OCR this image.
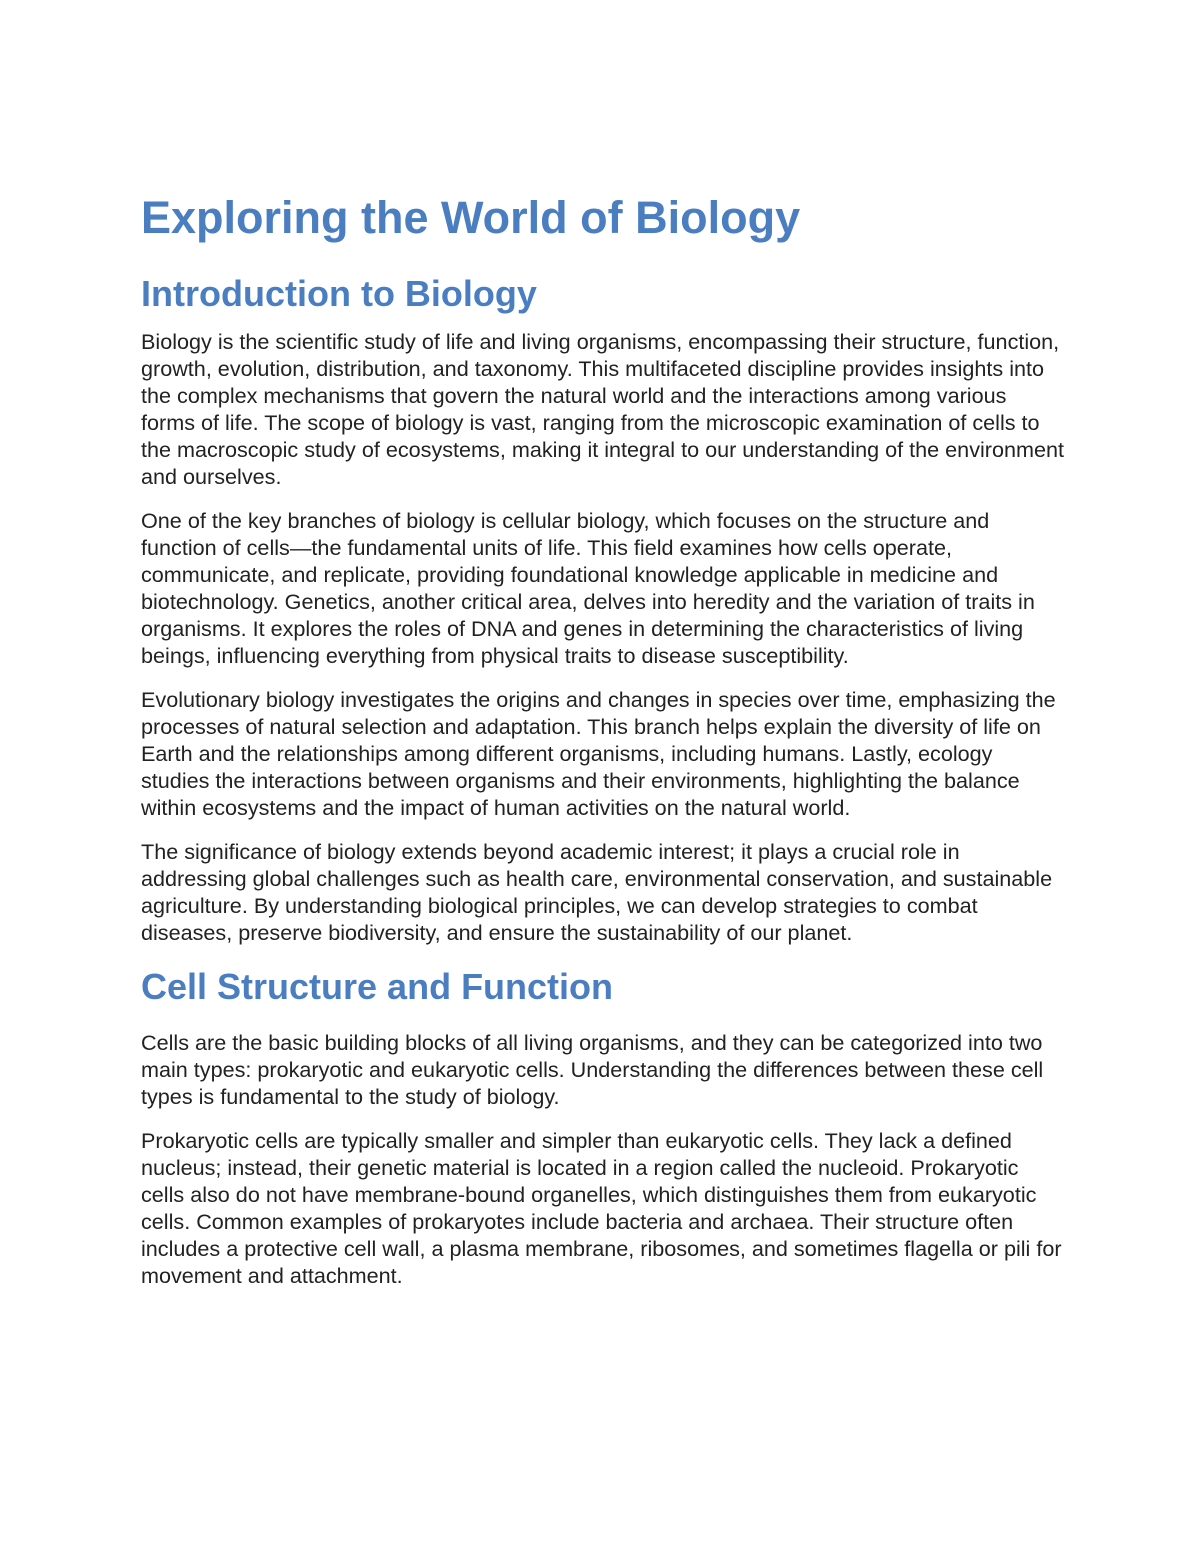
Exploring the World of Biology
Introduction to Biology

Biology is the scientific study of life and living organisms, encompassing their structure, function, growth, evolution, distribution, and taxonomy. This multifaceted discipline provides insights into the complex mechanisms that govern the natural world and the interactions among various forms of life. The scope of biology is vast, ranging from the microscopic examination of cells to the macroscopic study of ecosystems, making it integral to our understanding of the environment and ourselves.

One of the key branches of biology is cellular biology, which focuses on the structure and function of cells—the fundamental units of life. This field examines how cells operate, communicate, and replicate, providing foundational knowledge applicable in medicine and biotechnology. Genetics, another critical area, delves into heredity and the variation of traits in organisms. It explores the roles of DNA and genes in determining the characteristics of living beings, influencing everything from physical traits to disease susceptibility.

Evolutionary biology investigates the origins and changes in species over time, emphasizing the processes of natural selection and adaptation. This branch helps explain the diversity of life on Earth and the relationships among different organisms, including humans. Lastly, ecology studies the interactions between organisms and their environments, highlighting the balance within ecosystems and the impact of human activities on the natural world.

The significance of biology extends beyond academic interest; it plays a crucial role in addressing global challenges such as health care, environmental conservation, and sustainable agriculture. By understanding biological principles, we can develop strategies to combat diseases, preserve biodiversity, and ensure the sustainability of our planet.

Cell Structure and Function

Cells are the basic building blocks of all living organisms, and they can be categorized into two main types: prokaryotic and eukaryotic cells. Understanding the differences between these cell types is fundamental to the study of biology.

Prokaryotic cells are typically smaller and simpler than eukaryotic cells. They lack a defined nucleus; instead, their genetic material is located in a region called the nucleoid. Prokaryotic cells also do not have membrane-bound organelles, which distinguishes them from eukaryotic cells. Common examples of prokaryotes include bacteria and archaea. Their structure often includes a protective cell wall, a plasma membrane, ribosomes, and sometimes flagella or pili for movement and attachment.
